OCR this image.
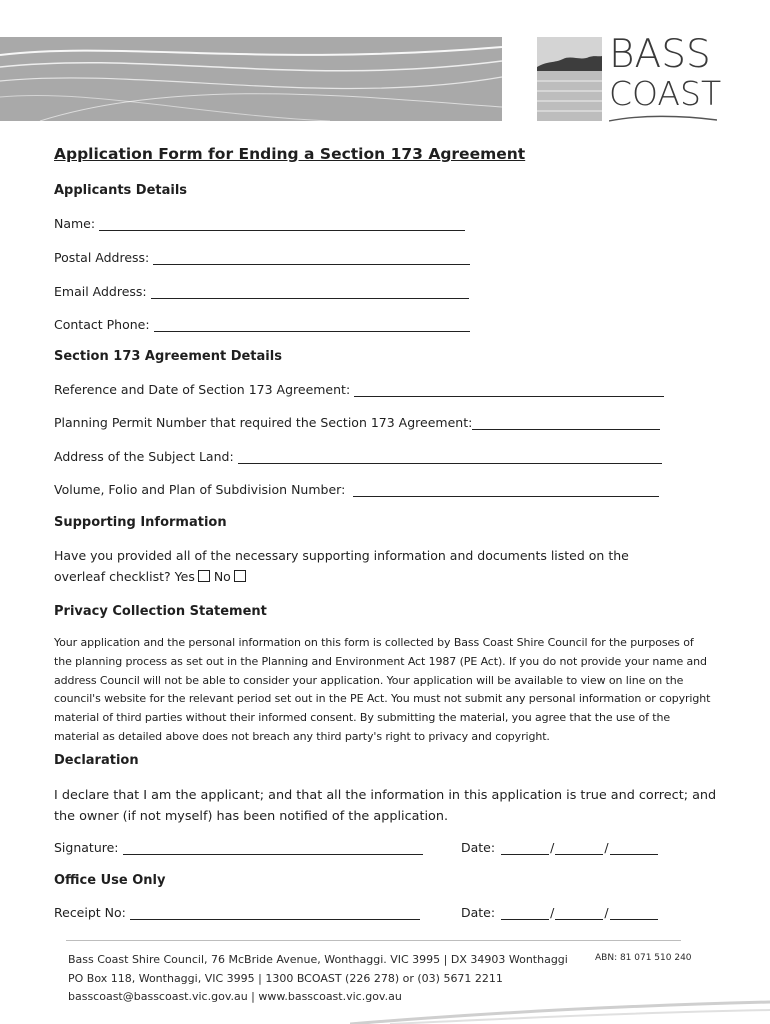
BASS
COAST
Application Form for Ending a Section 173 Agreement
Applicants Details
Name:
Postal Address:
Email Address:
Contact Phone:
Section 173 Agreement Details
Reference and Date of Section 173 Agreement:
Planning Permit Number that required the Section 173 Agreement:
Address of the Subject Land:
Volume, Folio and Plan of Subdivision Number:
Supporting Information
Have you provided all of the necessary supporting information and documents listed on the
overleaf checklist? Yes No
Privacy Collection Statement

Your application and the personal information on this form is collected by Bass Coast Shire Council for the purposes of the planning process as set out in the Planning and Environment Act 1987 (PE Act). If you do not provide your name and address Council will not be able to consider your application. Your application will be available to view on line on the council's website for the relevant period set out in the PE Act. You must not submit any personal information or copyright material of third parties without their informed consent. By submitting the material, you agree that the use of the material as detailed above does not breach any third party's right to privacy and copyright.

Declaration

I declare that I am the applicant; and that all the information in this application is true and correct; and the owner (if not myself) has been notified of the application.

Signature:	Date:	/	/
Office Use Only
Receipt No:	Date:	/	/
Bass Coast Shire Council, 76 McBride Avenue, Wonthaggi. VIC 3995 | DX 34903 Wonthaggi
PO Box 118, Wonthaggi, VIC 3995 | 1300 BCOAST (226 278) or (03) 5671 2211
basscoast@basscoast.vic.gov.au | www.basscoast.vic.gov.au
ABN: 81 071 510 240
